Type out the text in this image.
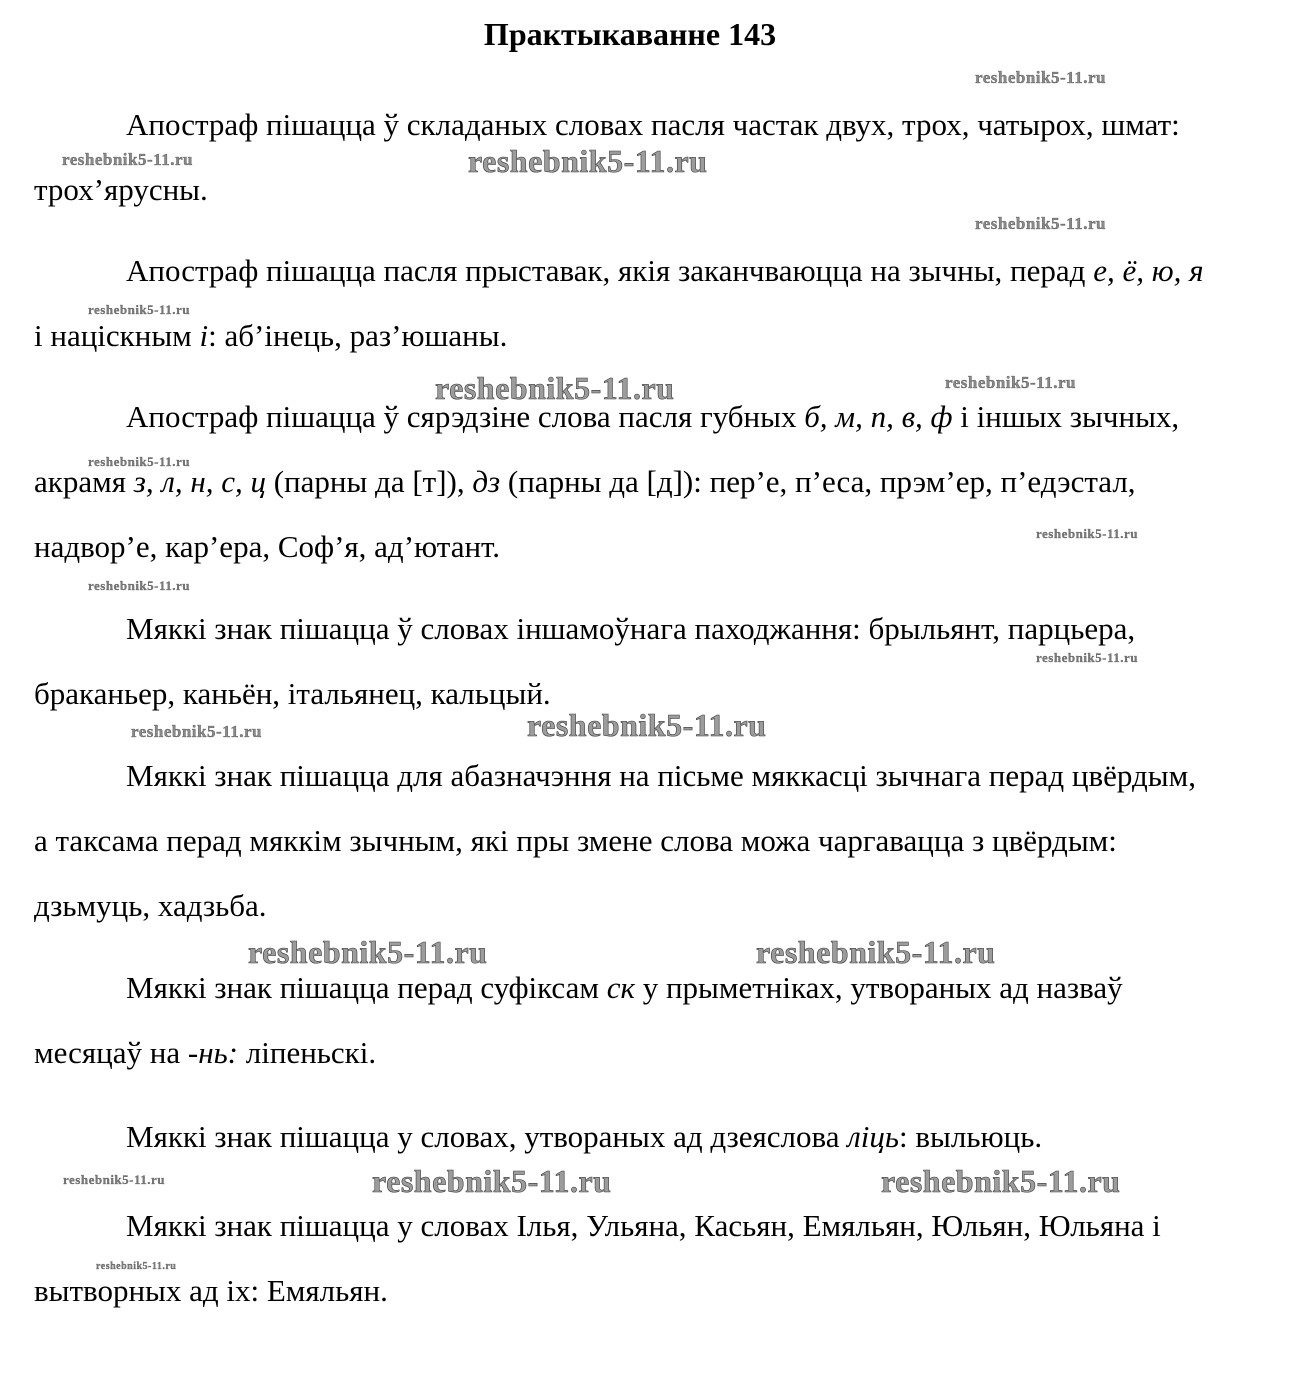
Практыкаванне 143

Апостраф пішацца ў складаных словах пасля частак двух, трох, чатырох, шмат: трох’ярусны.

Апостраф пішацца пасля прыставак, якія заканчваюцца на зычны, перад е, ё, ю, я і націскным і: аб’інець, раз’юшаны.

Апостраф пішацца ў сярэдзіне слова пасля губных б, м, п, в, ф і іншых зычных, акрамя з, л, н, с, ц (парны да [т]), дз (парны да [д]): пер’е, п’еса, прэм’ер, п’едэстал, надвор’е, кар’ера, Соф’я, ад’ютант.

Мяккі знак пішацца ў словах іншамоўнага паходжання: брыльянт, парцьера, браканьер, каньён, італьянец, кальцый.

Мяккі знак пішацца для абазначэння на пісьме мяккасці зычнага перад цвёрдым, а таксама перад мяккім зычным, які пры змене слова можа чаргавацца з цвёрдым: дзьмуць, хадзьба.

Мяккі знак пішацца перад суфіксам ск у прыметніках, утвораных ад назваў месяцаў на -нь: ліпеньскі.

Мяккі знак пішацца у словах, утвораных ад дзеяслова ліць: выльюць.

Мяккі знак пішацца у словах Ілья, Ульяна, Касьян, Емяльян, Юльян, Юльяна і вытворных ад іх: Емяльян.

reshebnik5-11.ru
reshebnik5-11.ru	reshebnik5-11.ru
reshebnik5-11.ru
reshebnik5-11.ru
reshebnik5-11.ru	reshebnik5-11.ru
reshebnik5-11.ru
reshebnik5-11.ru
reshebnik5-11.ru
reshebnik5-11.ru
reshebnik5-11.ru	reshebnik5-11.ru
reshebnik5-11.ru	reshebnik5-11.ru
reshebnik5-11.ru	reshebnik5-11.ru	reshebnik5-11.ru
reshebnik5-11.ru
